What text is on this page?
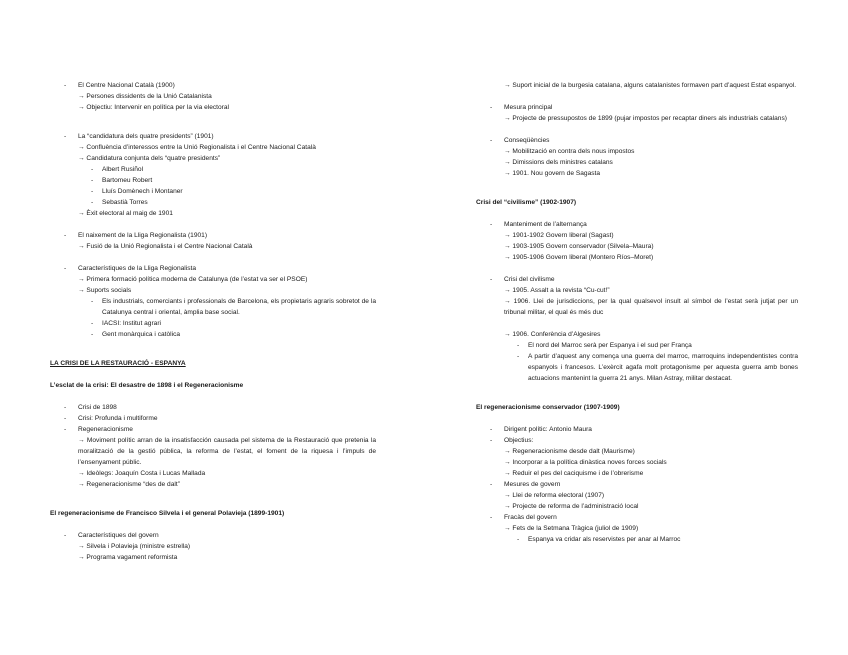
- El Centre Nacional Català (1900)
→ Persones dissidents de la Unió Catalanista
→ Objectiu: Intervenir en política per la via electoral
- La “candidatura dels quatre presidents” (1901)
→ Confluència d’interessos entre la Unió Regionalista i el Centre Nacional Català
→ Candidatura conjunta dels “quatre presidents”
- Albert Rusiñol
- Bartomeu Robert
- Lluís Domènech i Montaner
- Sebastià Torres
→ Èxit electoral al maig de 1901
- El naixement de la Lliga Regionalista (1901)
→ Fusió de la Unió Regionalista i el Centre Nacional Català
- Característiques de la Lliga Regionalista
→ Primera formació política moderna de Catalunya (de l’estat va ser el PSOE)
→ Suports socials
- Els industrials, comerciants i professionals de Barcelona, els propietaris agraris sobretot de la Catalunya central i oriental, àmplia base social.
- IACSI: Institut agrari
- Gent monàrquica i catòlica
LA CRISI DE LA RESTAURACIÓ - ESPANYA
L’esclat de la crisi: El desastre de 1898 i el Regeneracionisme
- Crisi de 1898
- Crisi: Profunda i multiforme
- Regeneracionisme
→ Moviment polític arran de la insatisfacción causada pel sistema de la Restauració que pretenia la moralització de la gestió pública, la reforma de l’estat, el foment de la riquesa i l’impuls de l’ensenyament públic.
→ Ideòlegs: Joaquín Costa i Lucas Mallada
→ Regeneracionisme “des de dalt”
El regeneracionisme de Francisco Silvela i el general Polavieja (1899-1901)
- Característiques del govern
→ Silvela i Polavieja (ministre estrella)
→ Programa vagament reformista
→ Suport inicial de la burgesia catalana, alguns catalanistes formaven part d’aquest Estat espanyol.
- Mesura principal
→ Projecte de pressupostos de 1899 (pujar impostos per recaptar diners als industrials catalans)
- Conseqüències
→ Mobilització en contra dels nous impostos
→ Dimissions dels ministres catalans
→ 1901. Nou govern de Sagasta
Crisi del “civilisme” (1902-1907)
- Manteniment de l’alternança
→ 1901-1902 Govern liberal (Sagast)
→ 1903-1905 Govern conservador (Silvela–Maura)
→ 1905-1906 Govern liberal (Montero Ríos–Moret)
- Crisi del civilisme
→ 1905. Assalt a la revista “Cu-cut!”
→ 1906. Llei de jurisdiccions, per la qual qualsevol insult al símbol de l’estat serà jutjat per un tribunal militar, el qual és més duc
→ 1906. Conferència d’Algesires
- El nord del Marroc serà per Espanya i el sud per França
- A partir d’aquest any comença una guerra del marroc, marroquins independentistes contra espanyols i francesos. L’exèrcit agafa molt protagonisme per aquesta guerra amb bones actuacions mantenint la guerra 21 anys. Milan Astray, militar destacat.
El regeneracionisme conservador (1907-1909)
- Dirigent polític: Antonio Maura
- Objectius:
→ Regeneracionisme desde dalt (Maurisme)
→ Incorporar a la política dinàstica noves forces socials
→ Reduir el pes del caciquisme i de l’obrerisme
- Mesures de govern
→ Llei de reforma electoral (1907)
→ Projecte de reforma de l’administració local
- Fracàs del govern
→ Fets de la Setmana Tràgica (juliol de 1909)
- Espanya va cridar als reservistes per anar al Marroc
